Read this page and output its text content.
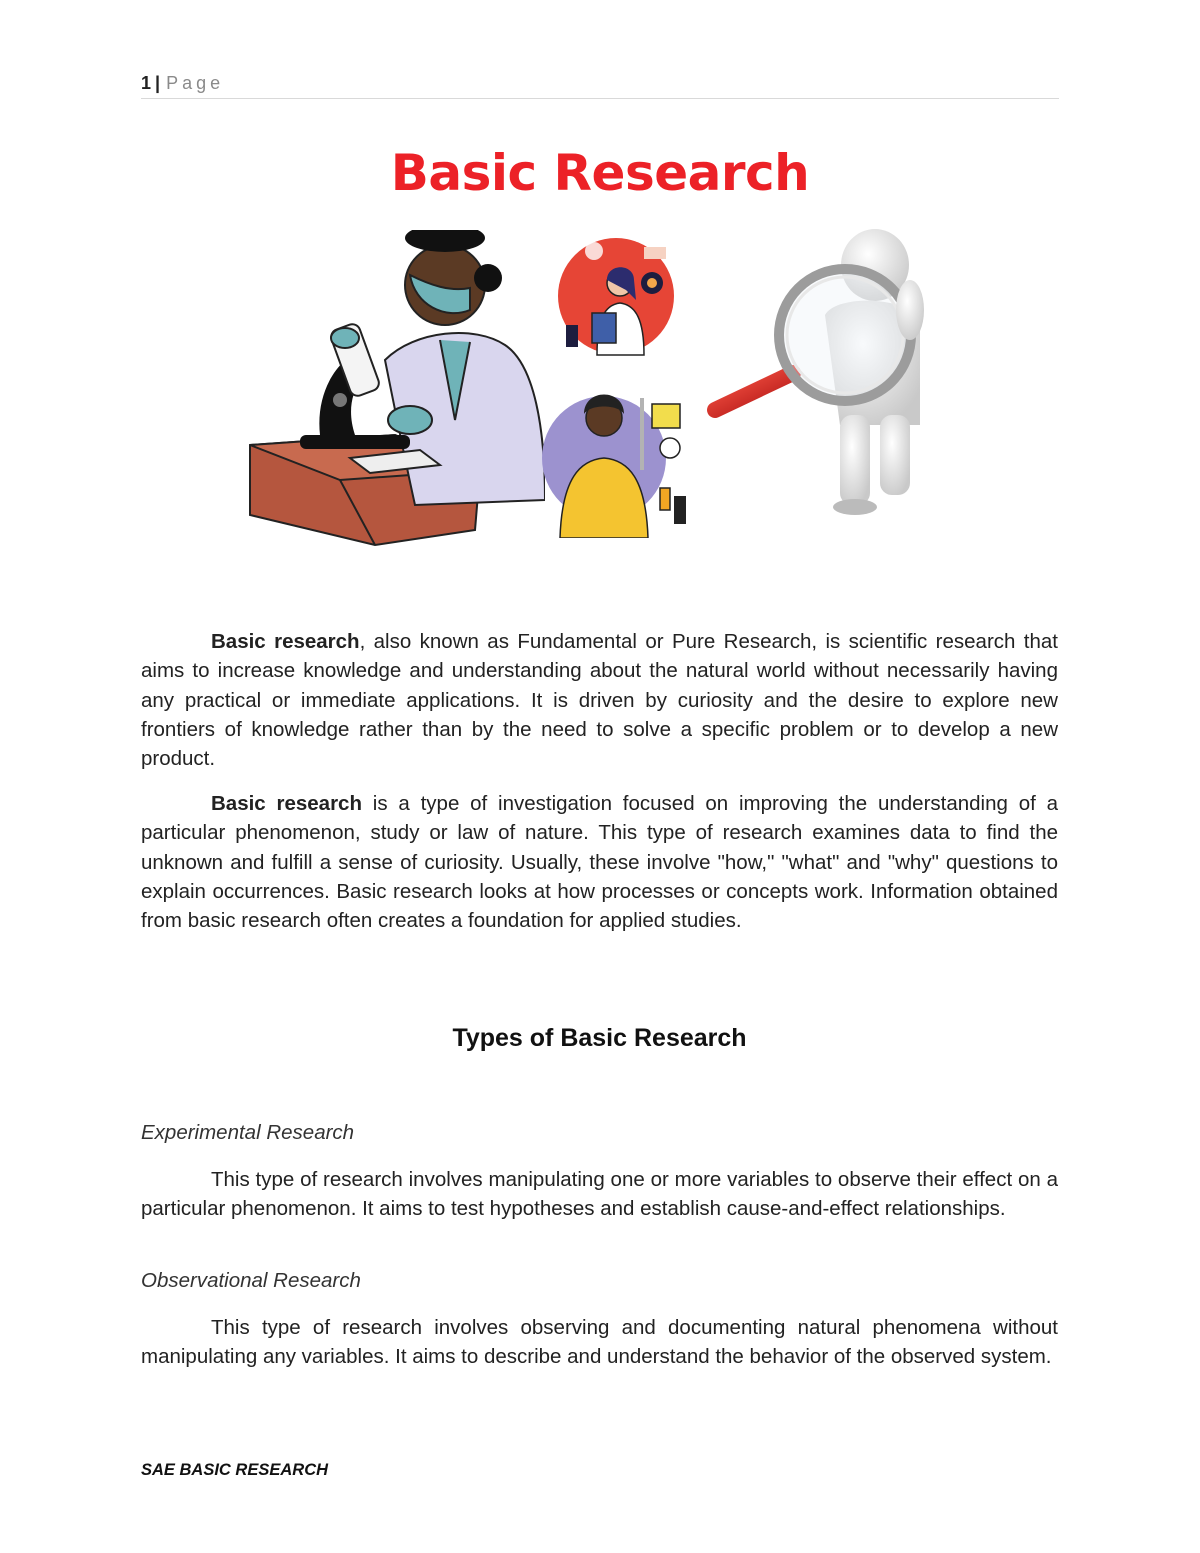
1 | Page
Basic Research

Basic research, also known as Fundamental or Pure Research, is scientific research that aims to increase knowledge and understanding about the natural world without necessarily having any practical or immediate applications. It is driven by curiosity and the desire to explore new frontiers of knowledge rather than by the need to solve a specific problem or to develop a new product.

Basic research is a type of investigation focused on improving the understanding of a particular phenomenon, study or law of nature. This type of research examines data to find the unknown and fulfill a sense of curiosity. Usually, these involve "how," "what" and "why" questions to explain occurrences. Basic research looks at how processes or concepts work. Information obtained from basic research often creates a foundation for applied studies.

Types of Basic Research
Experimental Research

This type of research involves manipulating one or more variables to observe their effect on a particular phenomenon. It aims to test hypotheses and establish cause-and-effect relationships.

Observational Research

This type of research involves observing and documenting natural phenomena without manipulating any variables. It aims to describe and understand the behavior of the observed system.

SAE BASIC RESEARCH
